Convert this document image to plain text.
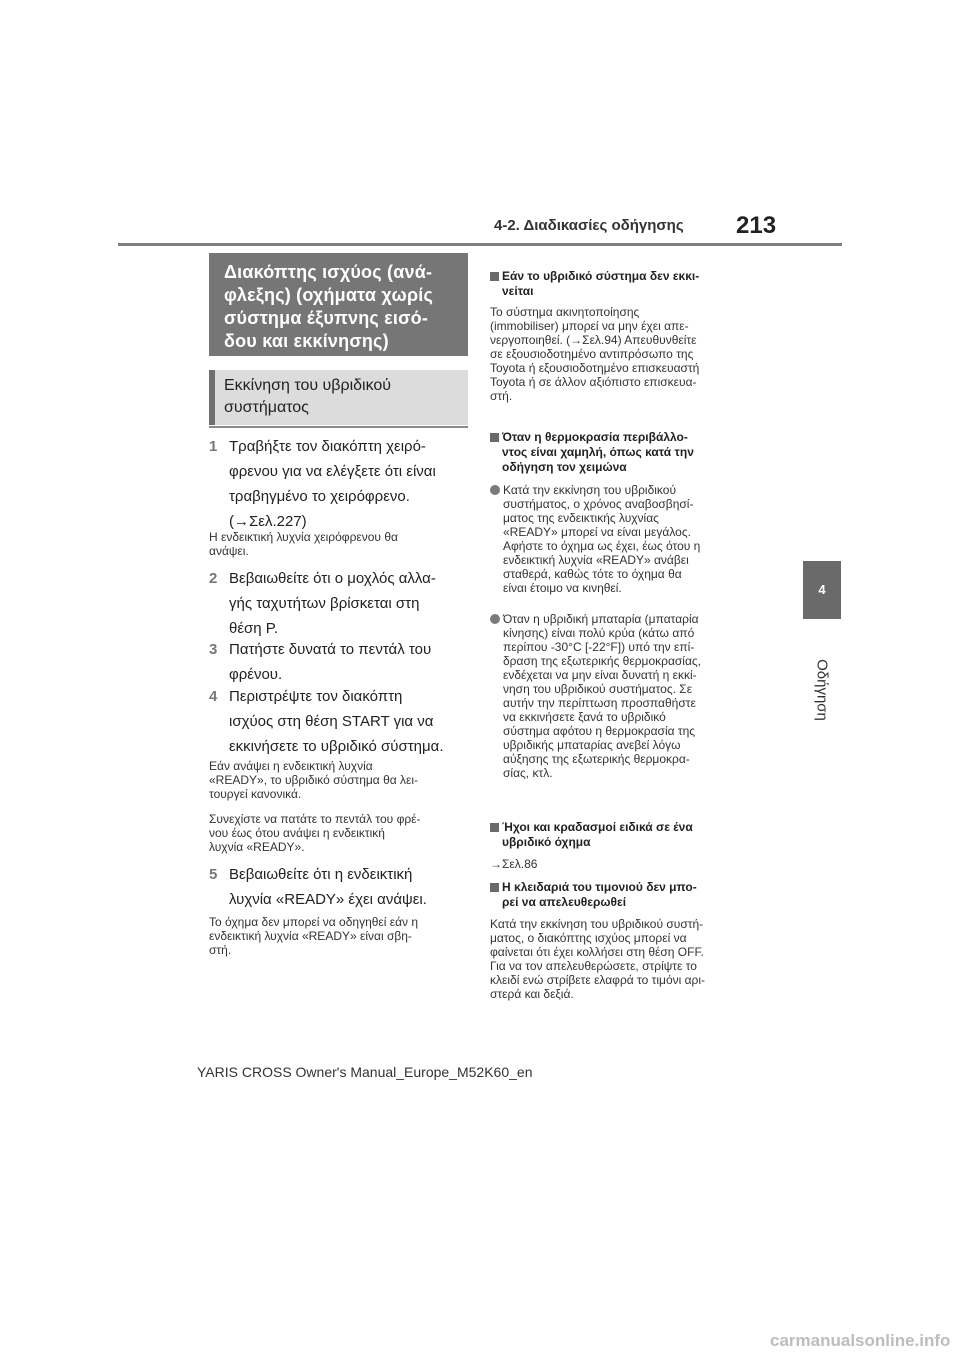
4-2. Διαδικασίες οδήγησης 213
4
Οδήγηση
Διακόπτης ισχύος (ανά-
φλεξης) (οχήματα χωρίς
σύστημα έξυπνης εισό-
δου και εκκίνησης)
Εκκίνηση του υβριδικού
συστήματος
1 Τραβήξτε τον διακόπτη χειρό-
φρενου για να ελέγξετε ότι είναι
τραβηγμένο το χειρόφρενο.
(→Σελ.227)
Η ενδεικτική λυχνία χειρόφρενου θα
ανάψει.
2 Βεβαιωθείτε ότι ο μοχλός αλλα-
γής ταχυτήτων βρίσκεται στη
θέση P.
3 Πατήστε δυνατά το πεντάλ του
φρένου.
4 Περιστρέψτε τον διακόπτη
ισχύος στη θέση START για να
εκκινήσετε το υβριδικό σύστημα.
Εάν ανάψει η ενδεικτική λυχνία
«READY», το υβριδικό σύστημα θα λει-
τουργεί κανονικά.
Συνεχίστε να πατάτε το πεντάλ του φρέ-
νου έως ότου ανάψει η ενδεικτική
λυχνία «READY».
5 Βεβαιωθείτε ότι η ενδεικτική
λυχνία «READY» έχει ανάψει.
Το όχημα δεν μπορεί να οδηγηθεί εάν η
ενδεικτική λυχνία «READY» είναι σβη-
στή.
Εάν το υβριδικό σύστημα δεν εκκι-
νείται
Το σύστημα ακινητοποίησης
(immobiliser) μπορεί να μην έχει απε-
νεργοποιηθεί. (→Σελ.94) Απευθυνθείτε
σε εξουσιοδοτημένο αντιπρόσωπο της
Toyota ή εξουσιοδοτημένο επισκευαστή
Toyota ή σε άλλον αξιόπιστο επισκευα-
στή.
Όταν η θερμοκρασία περιβάλλο-
ντος είναι χαμηλή, όπως κατά την
οδήγηση τον χειμώνα
Κατά την εκκίνηση του υβριδικού
συστήματος, ο χρόνος αναβοσβησί-
ματος της ενδεικτικής λυχνίας
«READY» μπορεί να είναι μεγάλος.
Αφήστε το όχημα ως έχει, έως ότου η
ενδεικτική λυχνία «READY» ανάβει
σταθερά, καθώς τότε το όχημα θα
είναι έτοιμο να κινηθεί.
Όταν η υβριδική μπαταρία (μπαταρία
κίνησης) είναι πολύ κρύα (κάτω από
περίπου -30°C [-22°F]) υπό την επί-
δραση της εξωτερικής θερμοκρασίας,
ενδέχεται να μην είναι δυνατή η εκκί-
νηση του υβριδικού συστήματος. Σε
αυτήν την περίπτωση προσπαθήστε
να εκκινήσετε ξανά το υβριδικό
σύστημα αφότου η θερμοκρασία της
υβριδικής μπαταρίας ανεβεί λόγω
αύξησης της εξωτερικής θερμοκρα-
σίας, κτλ.
Ήχοι και κραδασμοί ειδικά σε ένα
υβριδικό όχημα
→Σελ.86
Η κλειδαριά του τιμονιού δεν μπο-
ρεί να απελευθερωθεί
Κατά την εκκίνηση του υβριδικού συστή-
ματος, ο διακόπτης ισχύος μπορεί να
φαίνεται ότι έχει κολλήσει στη θέση OFF.
Για να τον απελευθερώσετε, στρίψτε το
κλειδί ενώ στρίβετε ελαφρά το τιμόνι αρι-
στερά και δεξιά.
YARIS CROSS Owner's Manual_Europe_M52K60_en
carmanualsonline.info
